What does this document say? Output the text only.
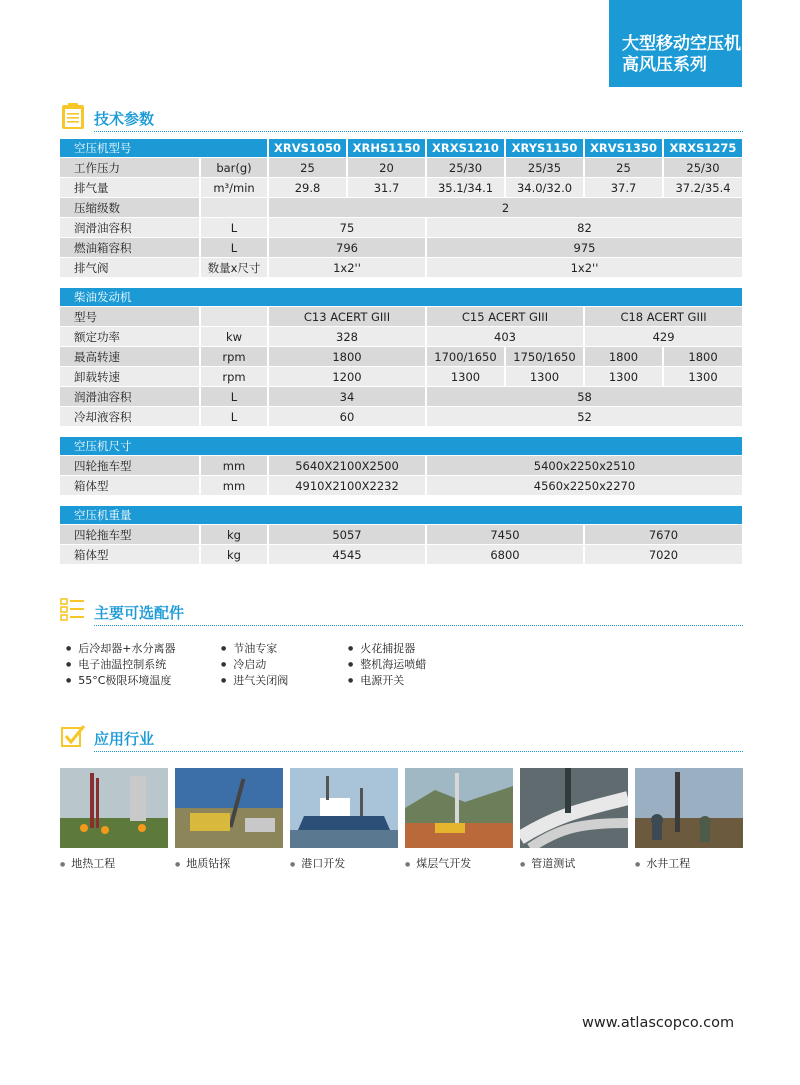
大型移动空压机
高风压系列
技术参数
空压机型号		XRVS1050	XRHS1150	XRXS1210	XRYS1150	XRVS1350	XRXS1275
工作压力	bar(g)	25	20	25/30	25/35	25	25/30
排气量	m³/min	29.8	31.7	35.1/34.1	34.0/32.0	37.7	37.2/35.4
压缩级数		2					
润滑油容积	L	75		82			
燃油箱容积	L	796		975			
排气阀	数量x尺寸	1x2''		1x2''			
柴油发动机						
型号		C13 ACERT GIII	C15 ACERT GIII		C18 ACERT GIII	
额定功率	kw	328	403		429	
最高转速	rpm	1800	1700/1650	1750/1650	1800	1800
卸载转速	rpm	1200	1300	1300	1300	1300
润滑油容积	L	34	58			
冷却液容积	L	60	52			
空压机尺寸			
四轮拖车型	mm	5640X2100X2500	5400x2250x2510
箱体型	mm	4910X2100X2232	4560x2250x2270
空压机重量				
四轮拖车型	kg	5057	7450	7670
箱体型	kg	4545	6800	7020
主要可选配件
● 后冷却器+水分离器
● 电子油温控制系统
● 55°C极限环境温度
● 节油专家
● 冷启动
● 进气关闭阀
● 火花捕捉器
● 整机海运喷蜡
● 电源开关
应用行业
● 地热工程	● 地质钻探	● 港口开发	● 煤层气开发	● 管道测试	● 水井工程
www.atlascopco.com
